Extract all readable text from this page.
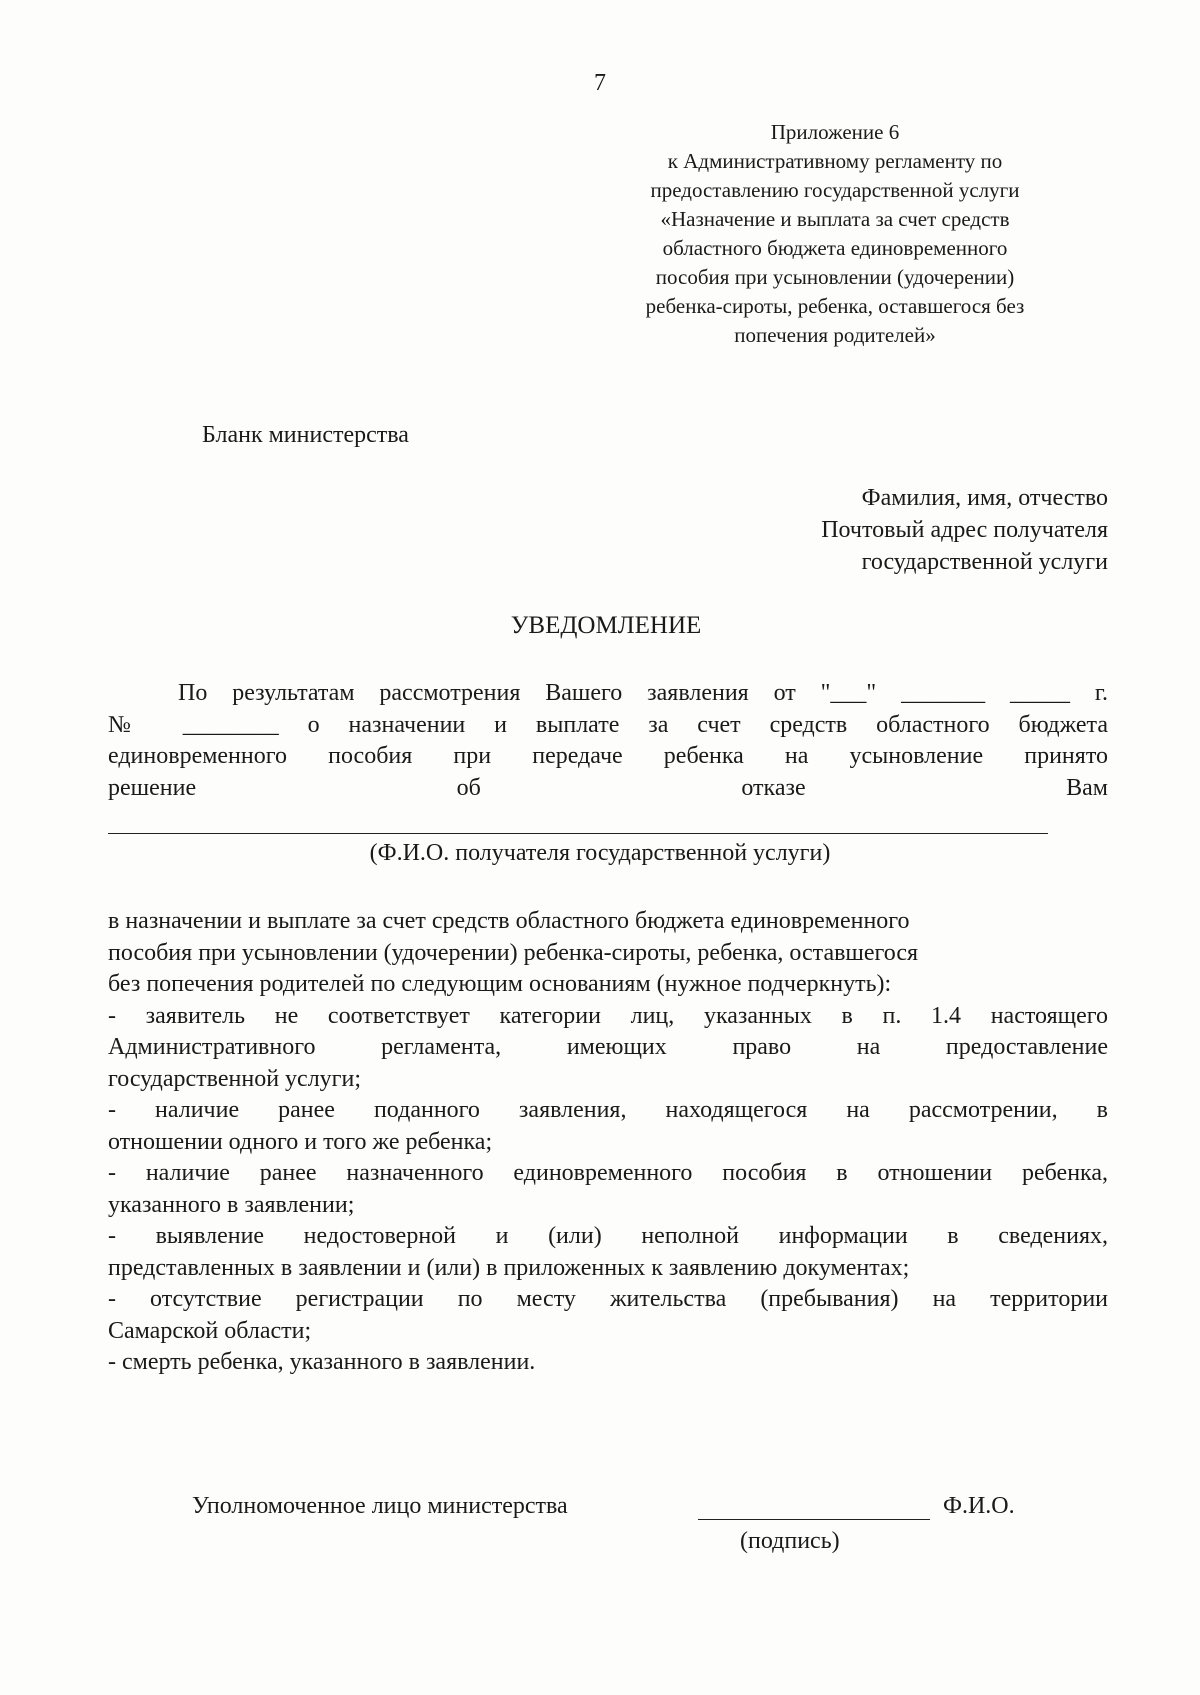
7
Приложение 6
к Административному регламенту по
предоставлению государственной услуги
«Назначение и выплата за счет средств
областного бюджета единовременного
пособия при усыновлении (удочерении)
ребенка-сироты, ребенка, оставшегося без
попечения родителей»
Бланк министерства
Фамилия, имя, отчество
Почтовый адрес получателя
государственной услуги
УВЕДОМЛЕНИЕ
По результатам рассмотрения Вашего заявления от "___" _______ _____ г.
№ ________ о назначении и выплате за счет средств областного бюджета
единовременного пособия при передаче ребенка на усыновление принято
решение	об	отказе	Вам
(Ф.И.О. получателя государственной услуги)
в назначении и выплате за счет средств областного бюджета единовременного
пособия при усыновлении (удочерении) ребенка-сироты, ребенка, оставшегося
без попечения родителей по следующим основаниям (нужное подчеркнуть):
- заявитель не соответствует категории лиц, указанных в п. 1.4 настоящего
Административного регламента, имеющих право на предоставление
государственной услуги;
- наличие ранее поданного заявления, находящегося на рассмотрении, в
отношении одного и того же ребенка;
- наличие ранее назначенного единовременного пособия в отношении ребенка,
указанного в заявлении;
- выявление недостоверной и (или) неполной информации в сведениях,
представленных в заявлении и (или) в приложенных к заявлению документах;
- отсутствие регистрации по месту жительства (пребывания) на территории
Самарской области;
- смерть ребенка, указанного в заявлении.
Уполномоченное лицо министерства	Ф.И.О.
(подпись)
